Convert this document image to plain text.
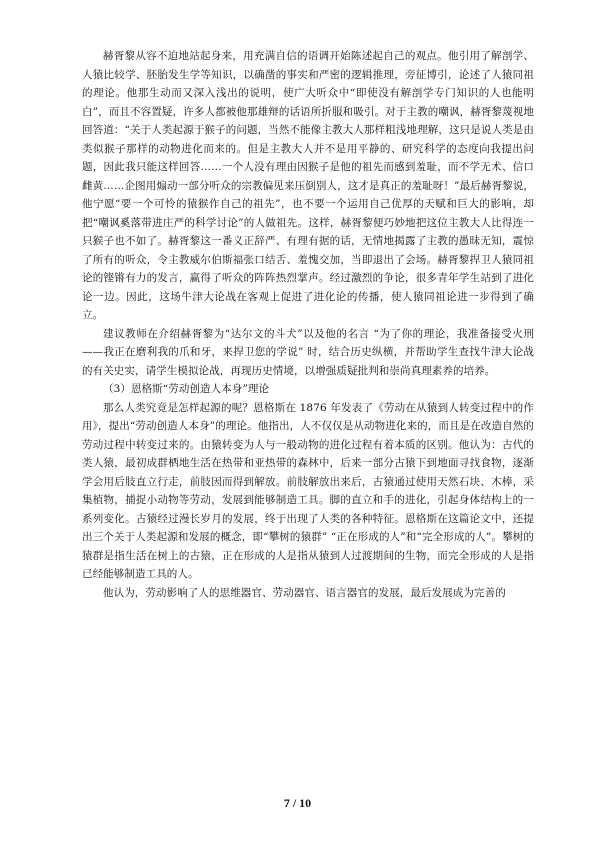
赫胥黎从容不迫地站起身来，用充满自信的语调开始陈述起自己的观点。他引用了解剖学、人猿比较学、胚胎发生学等知识，以确凿的事实和严密的逻辑推理，旁征博引，论述了人猿同祖的理论。他那生动而又深入浅出的说明，使广大听众中“即使没有解剖学专门知识的人也能明白”，而且不容置疑，许多人都被他那雄辩的话语所折服和吸引。对于主教的嘲讽，赫胥黎蔑视地回答道：“关于人类起源于猴子的问题，当然不能像主教大人那样粗浅地理解，这只是说人类是由类似猴子那样的动物进化而来的。但是主教大人并不是用平静的、研究科学的态度向我提出问题，因此我只能这样回答……一个人没有理由因猴子是他的祖先而感到羞耻，而不学无术、信口雌黄……企图用煽动一部分听众的宗教偏见来压倒别人，这才是真正的羞耻呀！”最后赫胥黎说，他宁愿“要一个可怜的猿猴作自己的祖先”，也不要一个运用自己优厚的天赋和巨大的影响，却把“嘲讽奚落带进庄严的科学讨论”的人做祖先。这样，赫胥黎便巧妙地把这位主教大人比得连一只猴子也不如了。赫胥黎这一番义正辞严、有理有据的话，无情地揭露了主教的愚昧无知，震惊了所有的听众，令主教威尔伯斯福张口结舌、羞愧交加，当即退出了会场。赫胥黎捍卫人猿同祖论的铿锵有力的发言，赢得了听众的阵阵热烈掌声。经过激烈的争论，很多青年学生站到了进化论一边。因此，这场牛津大论战在客观上促进了进化论的传播，使人猿同祖论进一步得到了确立。

建议教师在介绍赫胥黎为“达尔文的斗犬”以及他的名言 “为了你的理论，我准备接受火刑——我正在磨利我的爪和牙，来捍卫您的学说” 时，结合历史纵横，并帮助学生查找牛津大论战的有关史实，请学生模拟论战，再现历史情境，以增强质疑批判和崇尚真理素养的培养。

（3）恩格斯“劳动创造人本身”理论

那么人类究竟是怎样起源的呢？恩格斯在 1876 年发表了《劳动在从猿到人转变过程中的作用》，提出“劳动创造人本身”的理论。他指出，人不仅仅是从动物进化来的，而且是在改造自然的劳动过程中转变过来的。由猿转变为人与一般动物的进化过程有着本质的区别。他认为：古代的类人猿，最初成群栖地生活在热带和亚热带的森林中，后来一部分古猿下到地面寻找食物，逐渐学会用后肢直立行走，前肢因而得到解放。前肢解放出来后，古猿通过使用天然石块、木棒，采集植物，捕捉小动物等劳动，发展到能够制造工具。脚的直立和手的进化，引起身体结构上的一系列变化。古猿经过漫长岁月的发展，终于出现了人类的各种特征。恩格斯在这篇论文中，还提出三个关于人类起源和发展的概念，即“攀树的猿群” “正在形成的人”和“完全形成的人”。攀树的猿群是指生活在树上的古猿，正在形成的人是指从猿到人过渡期间的生物，而完全形成的人是指已经能够制造工具的人。

他认为，劳动影响了人的思维器官、劳动器官、语言器官的发展，最后发展成为完善的

7 / 10
